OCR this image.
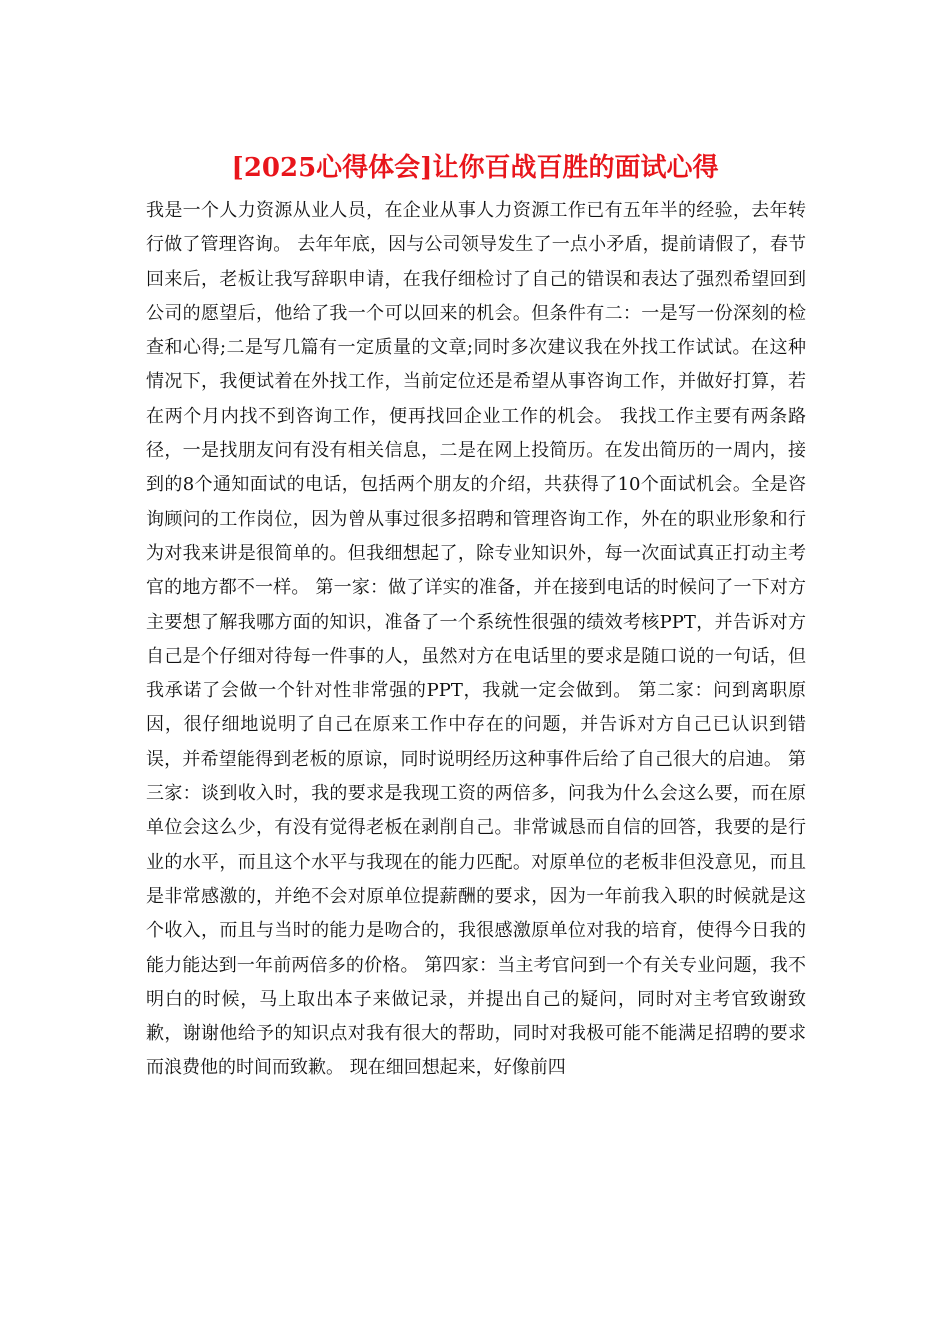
[2025心得体会]让你百战百胜的面试心得

我是一个人力资源从业人员，在企业从事人力资源工作已有五年半的经验，去年转行做了管理咨询。 去年年底，因与公司领导发生了一点小矛盾，提前请假了，春节回来后，老板让我写辞职申请，在我仔细检讨了自己的错误和表达了强烈希望回到公司的愿望后，他给了我一个可以回来的机会。但条件有二：一是写一份深刻的检查和心得;二是写几篇有一定质量的文章;同时多次建议我在外找工作试试。在这种情况下，我便试着在外找工作，当前定位还是希望从事咨询工作，并做好打算，若在两个月内找不到咨询工作，便再找回企业工作的机会。 我找工作主要有两条路径，一是找朋友问有没有相关信息，二是在网上投简历。在发出简历的一周内，接到的8个通知面试的电话，包括两个朋友的介绍，共获得了10个面试机会。全是咨询顾问的工作岗位，因为曾从事过很多招聘和管理咨询工作，外在的职业形象和行为对我来讲是很简单的。但我细想起了，除专业知识外，每一次面试真正打动主考官的地方都不一样。 第一家：做了详实的准备，并在接到电话的时候问了一下对方主要想了解我哪方面的知识，准备了一个系统性很强的绩效考核PPT，并告诉对方自己是个仔细对待每一件事的人，虽然对方在电话里的要求是随口说的一句话，但我承诺了会做一个针对性非常强的PPT，我就一定会做到。 第二家：问到离职原因，很仔细地说明了自己在原来工作中存在的问题，并告诉对方自己已认识到错误，并希望能得到老板的原谅，同时说明经历这种事件后给了自己很大的启迪。 第三家：谈到收入时，我的要求是我现工资的两倍多，问我为什么会这么要，而在原单位会这么少，有没有觉得老板在剥削自己。非常诚恳而自信的回答，我要的是行业的水平，而且这个水平与我现在的能力匹配。对原单位的老板非但没意见，而且是非常感激的，并绝不会对原单位提薪酬的要求，因为一年前我入职的时候就是这个收入，而且与当时的能力是吻合的，我很感激原单位对我的培育，使得今日我的能力能达到一年前两倍多的价格。 第四家：当主考官问到一个有关专业问题，我不明白的时候，马上取出本子来做记录，并提出自己的疑问，同时对主考官致谢致歉，谢谢他给予的知识点对我有很大的帮助，同时对我极可能不能满足招聘的要求而浪费他的时间而致歉。 现在细回想起来，好像前四
